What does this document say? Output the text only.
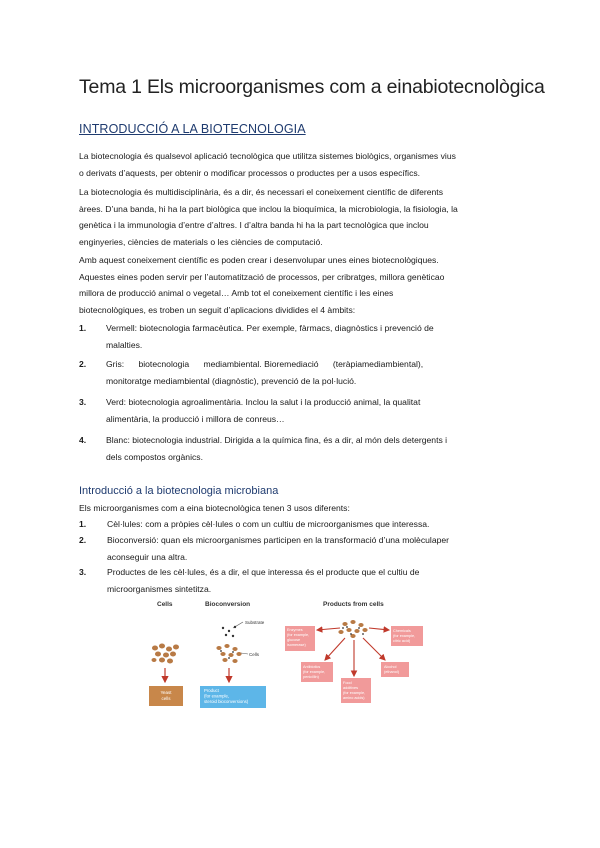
Tema 1 Els microorganismes com a einabiotecnològica
INTRODUCCIÓ A LA BIOTECNOLOGIA
La biotecnologia és qualsevol aplicació tecnològica que utilitza sistemes biològics, organismes vius
o derivats d’aquests, per obtenir o modificar processos o productes per a usos específics.
La biotecnologia és multidisciplinària, és a dir, és necessari el coneixement científic de diferents
àrees. D’una banda, hi ha la part biològica que inclou la bioquímica, la microbiologia, la fisiologia, la
genètica i la immunologia d’entre d’altres. I d’altra banda hi ha la part tecnològica que inclou
enginyeries, ciències de materials o les ciències de computació.
Amb aquest coneixement científic es poden crear i desenvolupar unes eines biotecnològiques.
Aquestes eines poden servir per l’automatització de processos, per cribratges, millora genèticao
millora de producció animal o vegetal… Amb tot el coneixement científic i les eines
biotecnològiques, es troben un seguit d’aplicacions dividides el 4 àmbits:
1. Vermell: biotecnologia farmacèutica. Per exemple, fàrmacs, diagnòstics i prevenció de
malalties.
2. Gris:      biotecnologia      mediambiental. Bioremediació      (teràpiamediambiental),
monitoratge mediambiental (diagnòstic), prevenció de la pol·lució.
3. Verd: biotecnologia agroalimentària. Inclou la salut i la producció animal, la qualitat
alimentària, la producció i millora de conreus…
4. Blanc: biotecnologia industrial. Dirigida a la química fina, és a dir, al món dels detergents i
dels compostos orgànics.
Introducció a la biotecnologia microbiana
Els microorganismes com a eina biotecnològica tenen 3 usos diferents:
1. Cèl·lules: com a pròpies cèl·lules o com un cultiu de microorganismes que interessa.
2. Bioconversió: quan els microorganismes participen en la transformació d’una molèculaper
aconseguir una altra.
3. Productes de les cèl·lules, és a dir, el que interessa és el producte que el cultiu de
microorganismes sintetitza.
Cells
Yeast
cells
Bioconversion
Substrate
Cells
Product
(for example,
steroid bioconversions)
Products from cells
Enzymes
(for example,
glucose
isomerase)
Chemicals
(for example,
citric acid)
Antibiotics
(for example,
penicillin)
Alcohol
(ethanol)
Food
additives
(for example,
amino acids)
